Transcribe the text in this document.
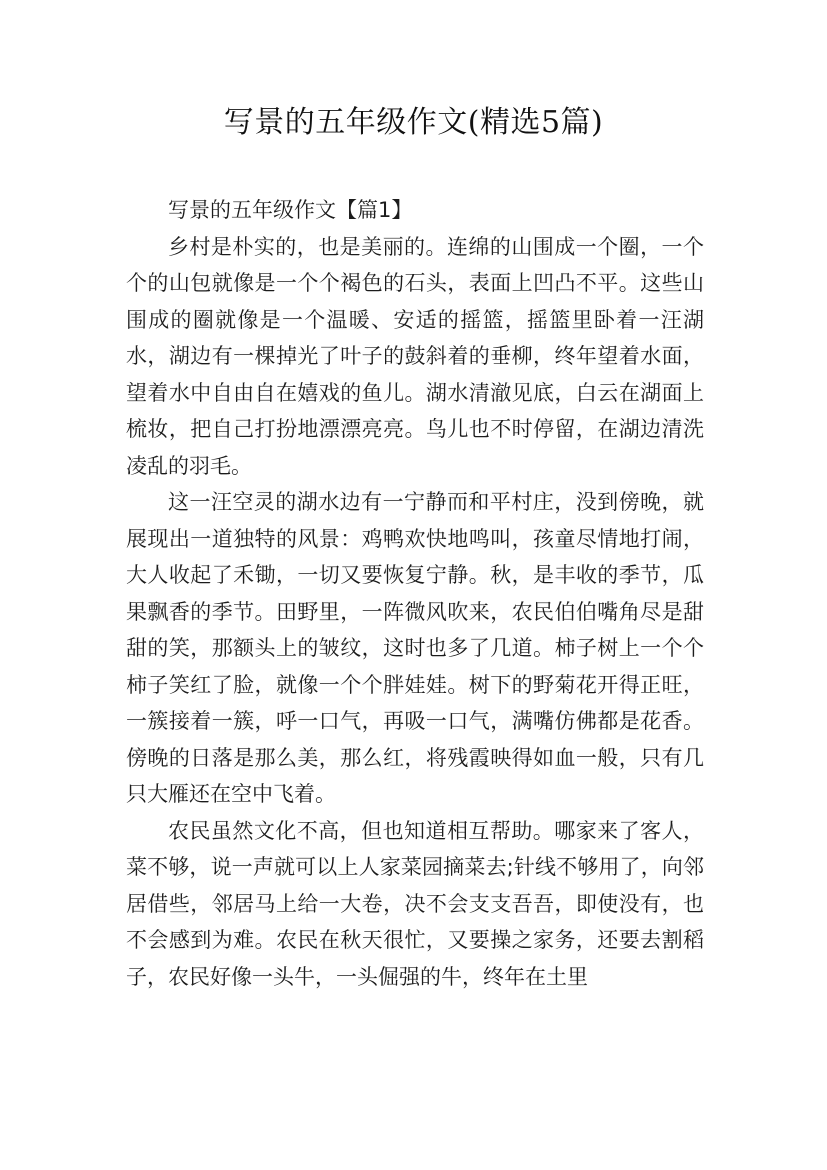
写景的五年级作文(精选5篇)

写景的五年级作文【篇1】

乡村是朴实的，也是美丽的。连绵的山围成一个圈，一个个的山包就像是一个个褐色的石头，表面上凹凸不平。这些山围成的圈就像是一个温暖、安适的摇篮，摇篮里卧着一汪湖水，湖边有一棵掉光了叶子的鼓斜着的垂柳，终年望着水面，望着水中自由自在嬉戏的鱼儿。湖水清澈见底，白云在湖面上梳妆，把自己打扮地漂漂亮亮。鸟儿也不时停留，在湖边清洗凌乱的羽毛。

这一汪空灵的湖水边有一宁静而和平村庄，没到傍晚，就展现出一道独特的风景：鸡鸭欢快地鸣叫，孩童尽情地打闹，大人收起了禾锄，一切又要恢复宁静。秋，是丰收的季节，瓜果飘香的季节。田野里，一阵微风吹来，农民伯伯嘴角尽是甜甜的笑，那额头上的皱纹，这时也多了几道。柿子树上一个个柿子笑红了脸，就像一个个胖娃娃。树下的野菊花开得正旺，一簇接着一簇，呼一口气，再吸一口气，满嘴仿佛都是花香。傍晚的日落是那么美，那么红，将残霞映得如血一般，只有几只大雁还在空中飞着。

农民虽然文化不高，但也知道相互帮助。哪家来了客人，菜不够，说一声就可以上人家菜园摘菜去;针线不够用了，向邻居借些，邻居马上给一大卷，决不会支支吾吾，即使没有，也不会感到为难。农民在秋天很忙，又要操之家务，还要去割稻子，农民好像一头牛，一头倔强的牛，终年在土里
